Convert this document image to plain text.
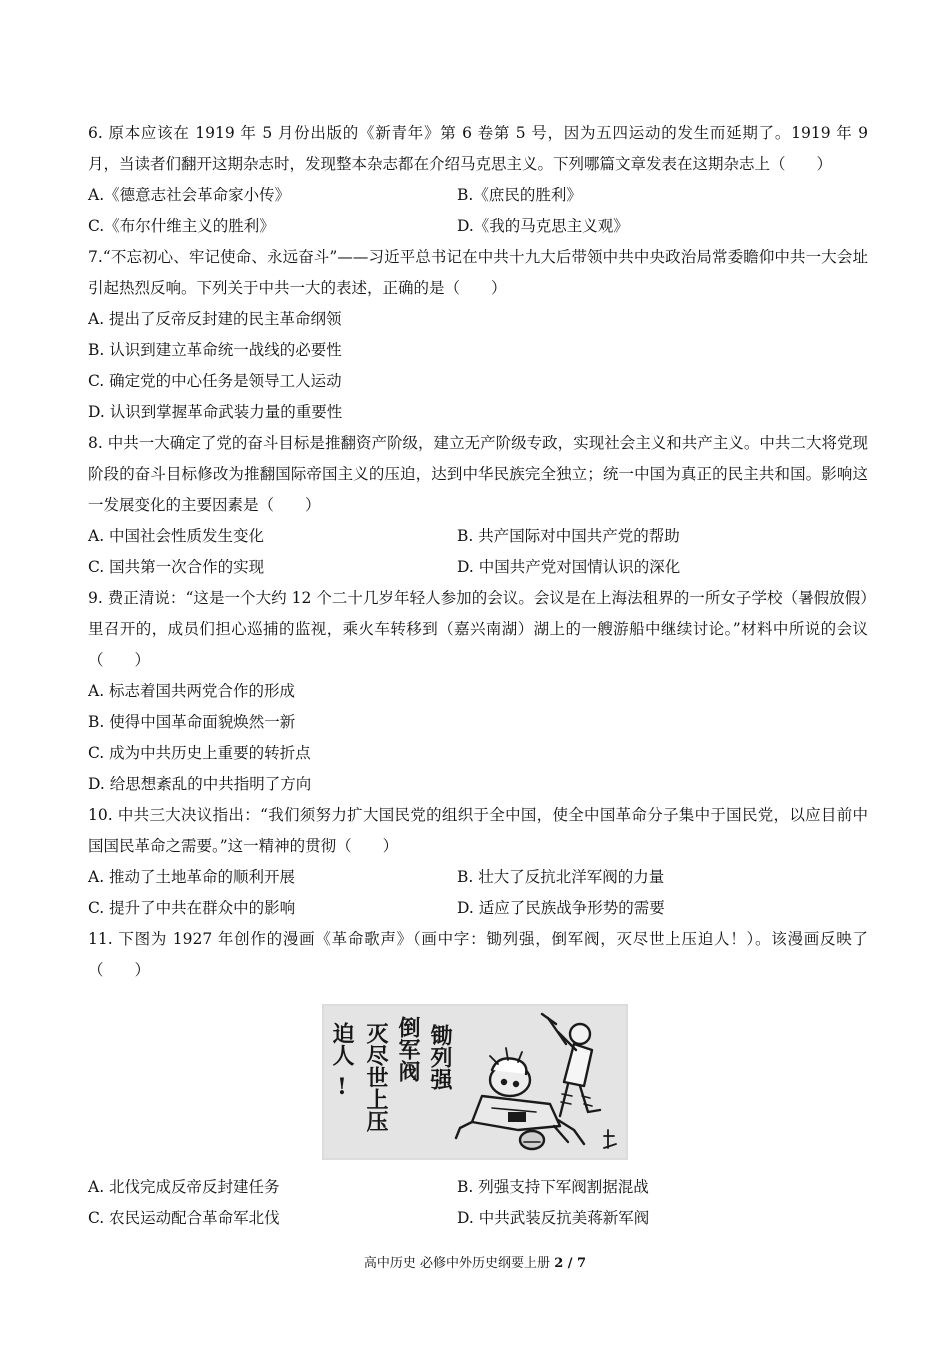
6. 原本应该在 1919 年 5 月份出版的《新青年》第 6 卷第 5 号，因为五四运动的发生而延期了。1919 年 9 月，当读者们翻开这期杂志时，发现整本杂志都在介绍马克思主义。下列哪篇文章发表在这期杂志上（　　）
A.《德意志社会革命家小传》	B.《庶民的胜利》
C.《布尔什维主义的胜利》	D.《我的马克思主义观》
7.“不忘初心、牢记使命、永远奋斗”——习近平总书记在中共十九大后带领中共中央政治局常委瞻仰中共一大会址引起热烈反响。下列关于中共一大的表述，正确的是（　　）
A. 提出了反帝反封建的民主革命纲领
B. 认识到建立革命统一战线的必要性
C. 确定党的中心任务是领导工人运动
D. 认识到掌握革命武装力量的重要性
8. 中共一大确定了党的奋斗目标是推翻资产阶级，建立无产阶级专政，实现社会主义和共产主义。中共二大将党现阶段的奋斗目标修改为推翻国际帝国主义的压迫，达到中华民族完全独立；统一中国为真正的民主共和国。影响这一发展变化的主要因素是（　　）
A. 中国社会性质发生变化	B. 共产国际对中国共产党的帮助
C. 国共第一次合作的实现	D. 中国共产党对国情认识的深化
9. 费正清说：“这是一个大约 12 个二十几岁年轻人参加的会议。会议是在上海法租界的一所女子学校（暑假放假）里召开的，成员们担心巡捕的监视，乘火车转移到（嘉兴南湖）湖上的一艘游船中继续讨论。”材料中所说的会议（　　）
A. 标志着国共两党合作的形成
B. 使得中国革命面貌焕然一新
C. 成为中共历史上重要的转折点
D. 给思想紊乱的中共指明了方向
10. 中共三大决议指出：“我们须努力扩大国民党的组织于全中国，使全中国革命分子集中于国民党，以应目前中国国民革命之需要。”这一精神的贯彻（　　）
A. 推动了土地革命的顺利开展	B. 壮大了反抗北洋军阀的力量
C. 提升了中共在群众中的影响	D. 适应了民族战争形势的需要
11. 下图为 1927 年创作的漫画《革命歌声》（画中字：锄列强，倒军阀，灭尽世上压迫人！）。该漫画反映了（　　）
锄列强
倒军阀
灭尽世上压
迫人
!
A. 北伐完成反帝反封建任务	B. 列强支持下军阀割据混战
C. 农民运动配合革命军北伐	D. 中共武装反抗美蒋新军阀
高中历史 必修中外历史纲要上册 2 / 7
